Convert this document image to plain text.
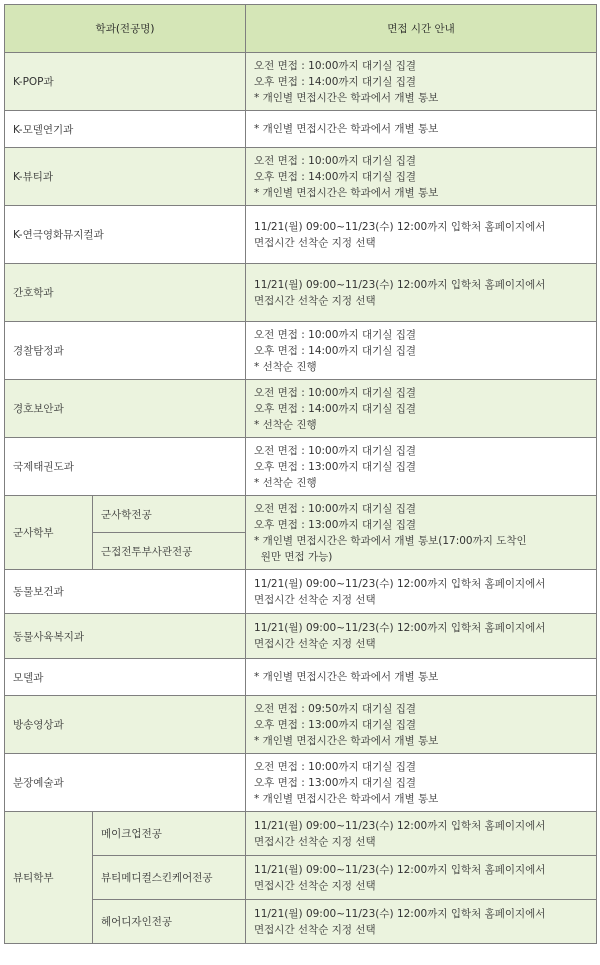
학과(전공명)		면접 시간 안내
K-POP과		오전 면접 : 10:00까지 대기실 집결
오후 면접 : 14:00까지 대기실 집결
* 개인별 면접시간은 학과에서 개별 통보

K-모델연기과		* 개인별 면접시간은 학과에서 개별 통보

K-뷰티과		오전 면접 : 10:00까지 대기실 집결
오후 면접 : 14:00까지 대기실 집결
* 개인별 면접시간은 학과에서 개별 통보

K-연극영화뮤지컬과		11/21(월) 09:00~11/23(수) 12:00까지 입학처 홈페이지에서
면접시간 선착순 지정 선택

간호학과		11/21(월) 09:00~11/23(수) 12:00까지 입학처 홈페이지에서
면접시간 선착순 지정 선택

경찰탐정과		오전 면접 : 10:00까지 대기실 집결
오후 면접 : 14:00까지 대기실 집결
* 선착순 진행

경호보안과		오전 면접 : 10:00까지 대기실 집결
오후 면접 : 14:00까지 대기실 집결
* 선착순 진행

국제태권도과		오전 면접 : 10:00까지 대기실 집결
오후 면접 : 13:00까지 대기실 집결
* 선착순 진행

군사학부	군사학전공	오전 면접 : 10:00까지 대기실 집결
오후 면접 : 13:00까지 대기실 집결
* 개인별 면접시간은 학과에서 개별 통보(17:00까지 도착인
원만 면접 가능)

	근접전투부사관전공	
동물보건과		11/21(월) 09:00~11/23(수) 12:00까지 입학처 홈페이지에서
면접시간 선착순 지정 선택

동물사육복지과		11/21(월) 09:00~11/23(수) 12:00까지 입학처 홈페이지에서
면접시간 선착순 지정 선택

모델과		* 개인별 면접시간은 학과에서 개별 통보

방송영상과		오전 면접 : 09:50까지 대기실 집결
오후 면접 : 13:00까지 대기실 집결
* 개인별 면접시간은 학과에서 개별 통보

분장예술과		오전 면접 : 10:00까지 대기실 집결
오후 면접 : 13:00까지 대기실 집결
* 개인별 면접시간은 학과에서 개별 통보

뷰티학부	메이크업전공	11/21(월) 09:00~11/23(수) 12:00까지 입학처 홈페이지에서
면접시간 선착순 지정 선택

	뷰티메디컬스킨케어전공	11/21(월) 09:00~11/23(수) 12:00까지 입학처 홈페이지에서
면접시간 선착순 지정 선택

	헤어디자인전공	11/21(월) 09:00~11/23(수) 12:00까지 입학처 홈페이지에서
면접시간 선착순 지정 선택
